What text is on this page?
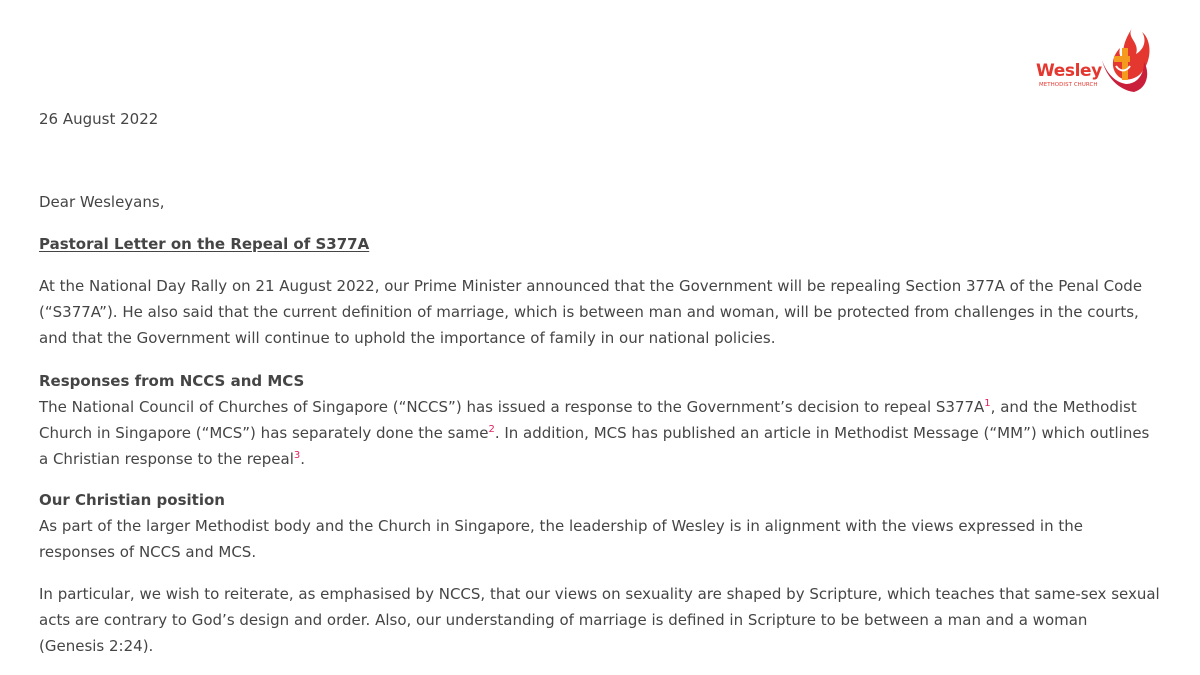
Wesley
METHODIST CHURCH
26 August 2022
Dear Wesleyans,
Pastoral Letter on the Repeal of S377A
At the National Day Rally on 21 August 2022, our Prime Minister announced that the Government will be repealing Section 377A of the Penal Code
(“S377A”). He also said that the current definition of marriage, which is between man and woman, will be protected from challenges in the courts,
and that the Government will continue to uphold the importance of family in our national policies.
Responses from NCCS and MCS
The National Council of Churches of Singapore (“NCCS”) has issued a response to the Government’s decision to repeal $S377A^1$, and the Methodist
Church in Singapore (“MCS”) has separately done the same$^2$. In addition, MCS has published an article in Methodist Message (“MM”) which outlines
a Christian response to the repeal$^3$.
Our Christian position
As part of the larger Methodist body and the Church in Singapore, the leadership of Wesley is in alignment with the views expressed in the
responses of NCCS and MCS.
In particular, we wish to reiterate, as emphasised by NCCS, that our views on sexuality are shaped by Scripture, which teaches that same-sex sexual
acts are contrary to God’s design and order. Also, our understanding of marriage is defined in Scripture to be between a man and a woman
(Genesis 2:24).
